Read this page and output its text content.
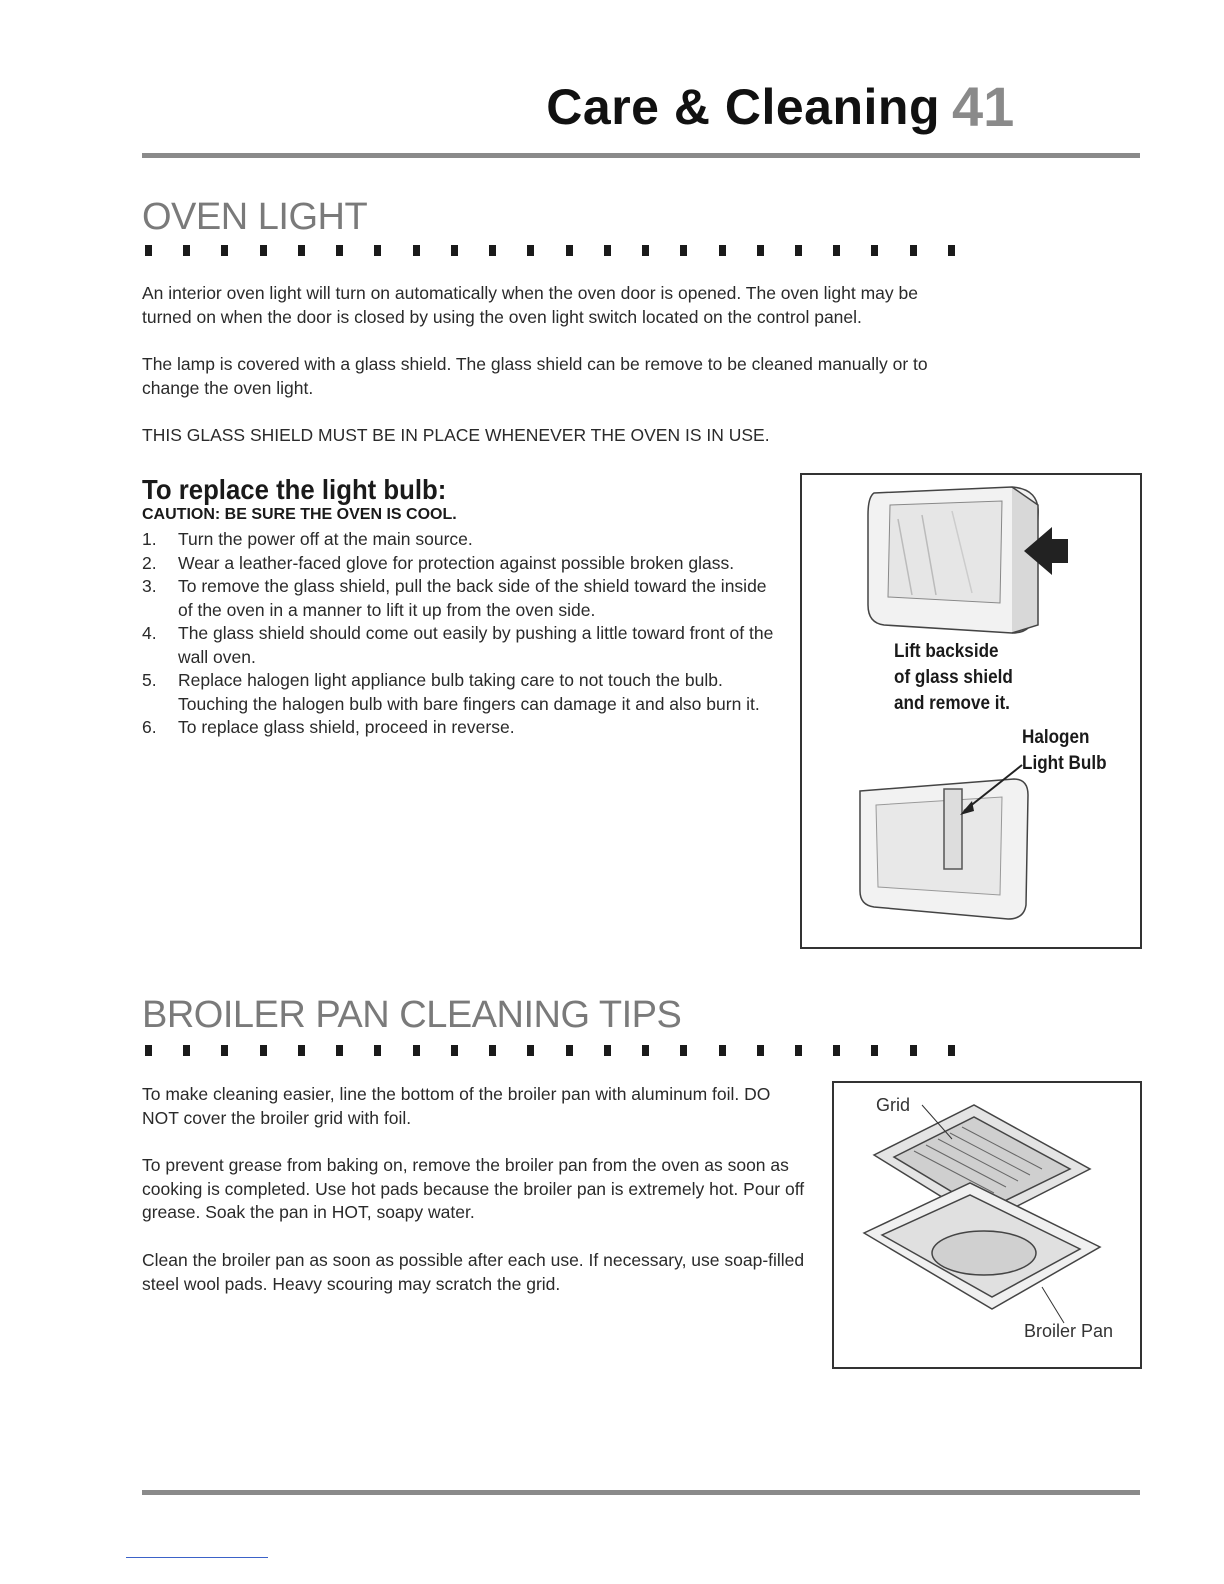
Care & Cleaning 41
OVEN LIGHT
An interior oven light will turn on automatically when the oven door is opened. The oven light may be turned on when the door is closed by using the oven light switch located on the control panel.
The lamp is covered with a glass shield. The glass shield can be remove to be cleaned manually or to change the oven light.
THIS GLASS SHIELD MUST BE IN PLACE WHENEVER THE OVEN IS IN USE.
To replace the light bulb:
CAUTION: BE SURE THE OVEN IS COOL.
1. Turn the power off at the main source.
2. Wear a leather-faced glove for protection against possible broken glass.
3. To remove the glass shield, pull the back side of the shield toward the inside of the oven in a manner to lift it up from the oven side.
4. The glass shield should come out easily by pushing a little toward front of the wall oven.
5. Replace halogen light appliance bulb taking care to not touch the bulb. Touching the halogen bulb with bare fingers can damage it and also burn it.
6. To replace glass shield, proceed in reverse.
Lift backside
of glass shield
and remove it.
Halogen
Light Bulb
BROILER PAN CLEANING TIPS
To make cleaning easier, line the bottom of the broiler pan with aluminum foil. DO NOT cover the broiler grid with foil.
To prevent grease from baking on, remove the broiler pan from the oven as soon as cooking is completed. Use hot pads because the broiler pan is extremely hot. Pour off grease. Soak the pan in HOT, soapy water.
Clean the broiler pan as soon as possible after each use. If necessary, use soap-filled steel wool pads. Heavy scouring may scratch the grid.
Grid
Broiler Pan
